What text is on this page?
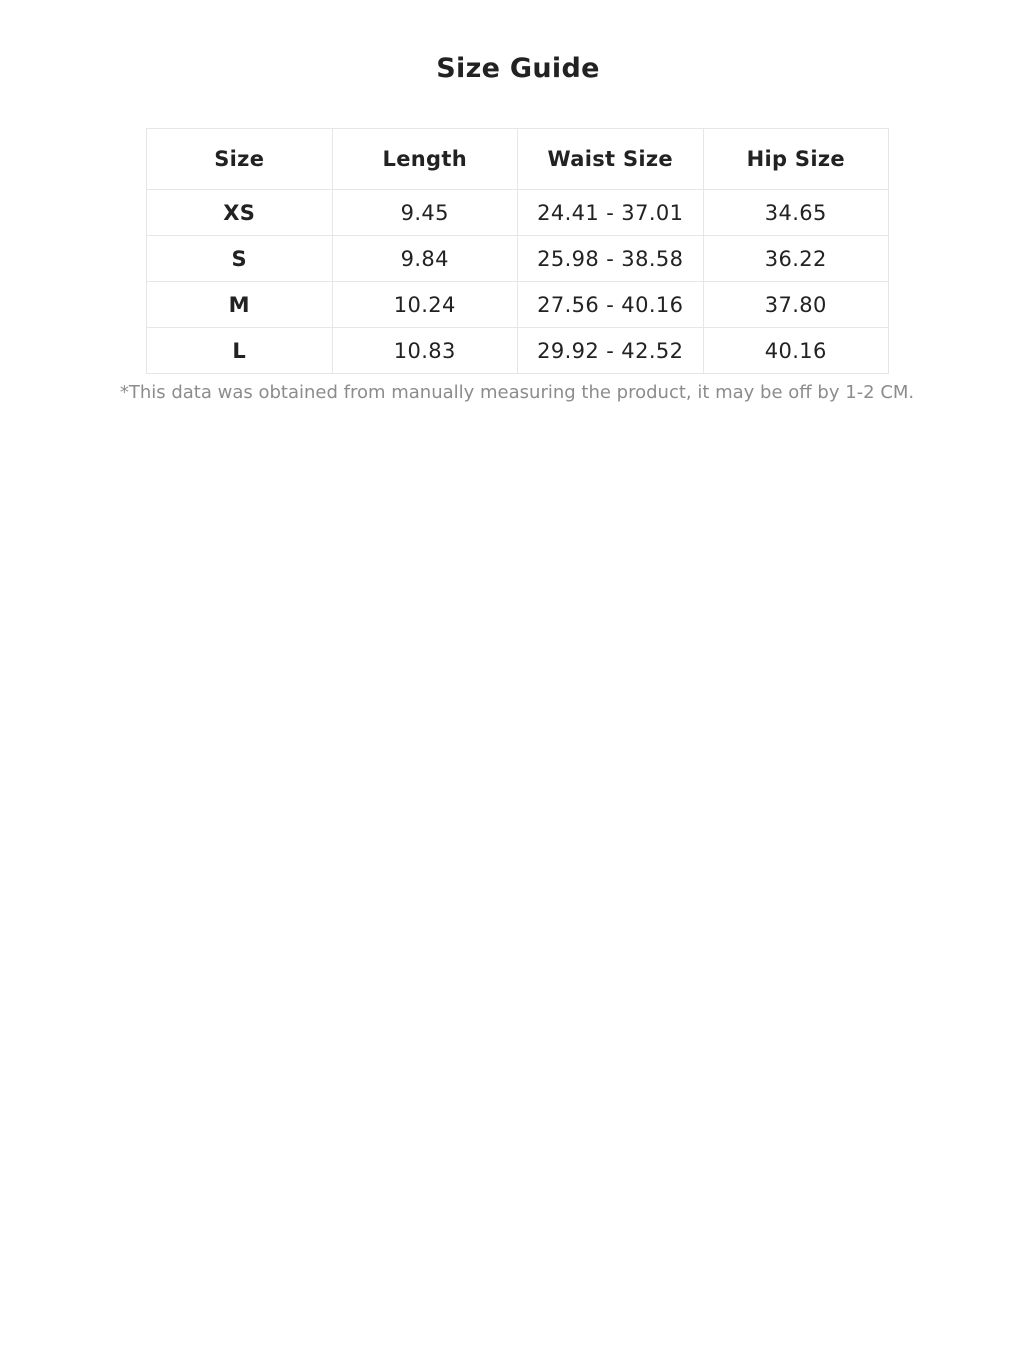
Size Guide
Size	Length	Waist Size	Hip Size
XS	9.45	24.41 - 37.01	34.65
S	9.84	25.98 - 38.58	36.22
M	10.24	27.56 - 40.16	37.80
L	10.83	29.92 - 42.52	40.16

*This data was obtained from manually measuring the product, it may be off by 1-2 CM.
